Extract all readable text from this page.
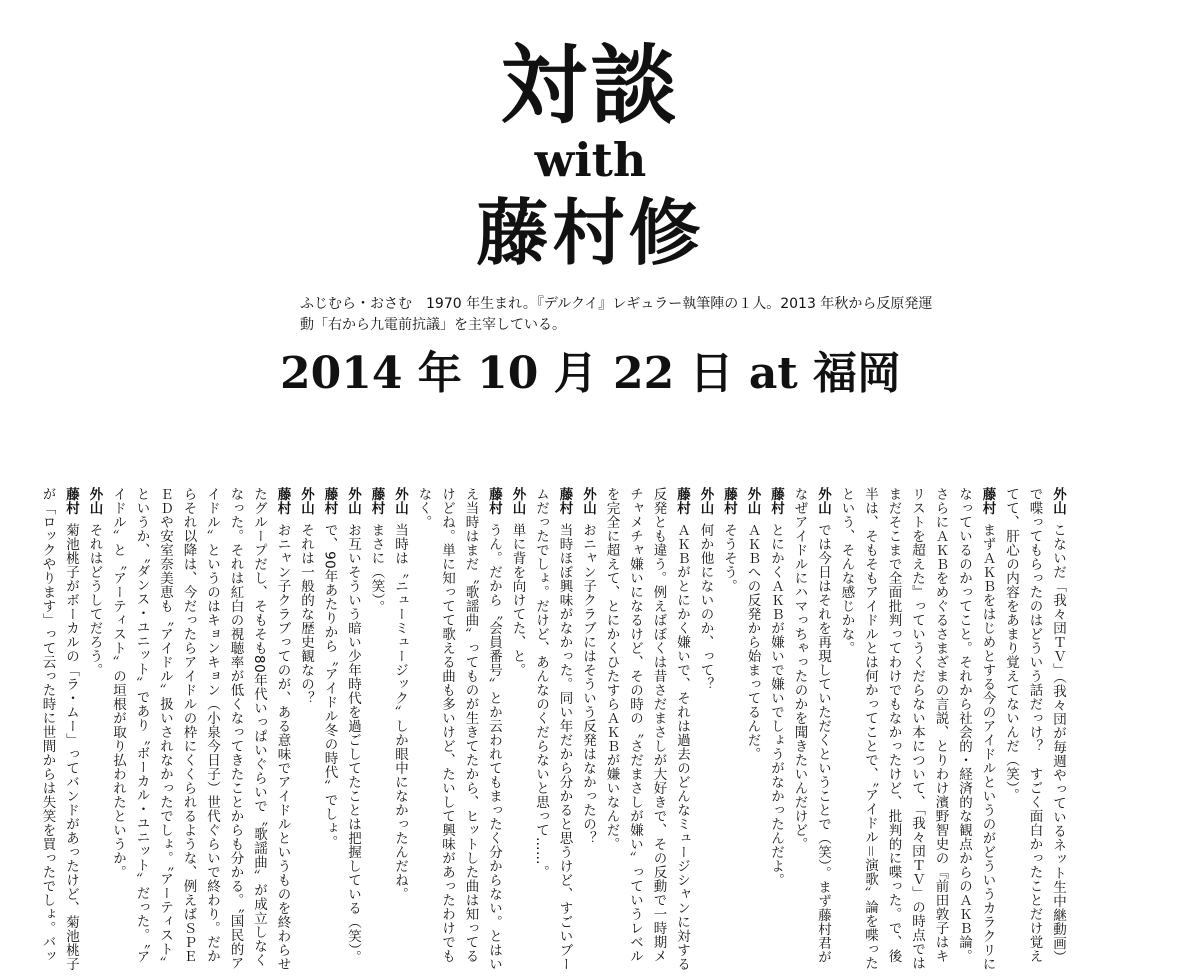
対談
with
藤村修

ふじむら・おさむ　1970 年生まれ。『デルクイ』レギュラー執筆陣の１人。2013 年秋から反原発運動「右から九電前抗議」を主宰している。

2014 年 10 月 22 日 at 福岡

外山こないだ「我々団ＴＶ」（我々団が毎週やっているネット生中継動画）で喋ってもらったのはどういう話だっけ？　すごく面白かったことだけ覚えてて、肝心の内容をあまり覚えてないんだ（笑）。

藤村まずＡＫＢをはじめとする今のアイドルというのがどういうカラクリになっているのかってこと。それから社会的・経済的な観点からのＡＫＢ論。さらにＡＫＢをめぐるさまざまの言説、とりわけ濱野智史の『前田敦子はキリストを超えた』っていうくだらない本について、「我々団ＴＶ」の時点ではまだそこまで全面批判ってわけでもなかったけど、批判的に喋った。で、後半は、そもそもアイドルとは何かってことで、〝アイドル＝演歌〟論を喋ったという、そんな感じかな。

外山では今日はそれを再現していただくということで（笑）。まず藤村君がなぜアイドルにハマっちゃったのかを聞きたいんだけど。

藤村とにかくＡＫＢが嫌いで嫌いでしょうがなかったんだよ。

外山ＡＫＢへの反発から始まってるんだ。

藤村そうそう。

外山何か他にないのか、って？

藤村ＡＫＢがとにかく嫌いで、それは過去のどんなミュージシャンに対する反発とも違う。例えばぼくは昔さだまさしが大好きで、その反動で一時期メチャメチャ嫌いになるけど、その時の〝さだまさしが嫌い〟っていうレベルを完全に超えて、とにかくひたすらＡＫＢが嫌いなんだ。

外山おニャン子クラブにはそういう反発はなかったの？

藤村当時ほぼ興味がなかった。同い年だから分かると思うけど、すごいブームだったでしょ。だけど、あんなのくだらないと思って……。

外山単に背を向けてた、と。

藤村うん。だから〝会員番号〟とか云われてもまったく分からない。とはいえ当時はまだ〝歌謡曲〟ってものが生きてたから、ヒットした曲は知ってるけどね。単に知ってて歌える曲も多いけど、たいして興味があったわけでもなく。

外山当時は〝ニューミュージック〟しか眼中になかったんだね。

藤村まさに（笑）。

外山お互いそういう暗い少年時代を過ごしてたことは把握している（笑）。

藤村で、90年あたりから〝アイドル冬の時代〟でしょ。

外山それは一般的な歴史観なの？

藤村おニャン子クラブってのが、ある意味でアイドルというものを終わらせたグループだし、そもそも80年代いっぱいぐらいで〝歌謡曲〟が成立しなくなった。それは紅白の視聴率が低くなってきたことからも分かる。〝国民的アイドル〟というのはキョンキョン（小泉今日子）世代ぐらいで終わり。だからそれ以降は、今だったらアイドルの枠にくくられるような、例えばＳＰＥＥＤや安室奈美恵も〝アイドル〟扱いされなかったでしょ。〝アーティスト〟というか、〝ダンス・ユニット〟であり〝ボーカル・ユニット〟だった。〝アイドル〟と〝アーティスト〟の垣根が取り払われたというか。

外山それはどうしてだろう。

藤村菊池桃子がボーカルの「ラ・ムー」ってバンドがあったけど、菊池桃子が「ロックやります」って云った時に世間からは失笑を買ったでしょ。バッ
